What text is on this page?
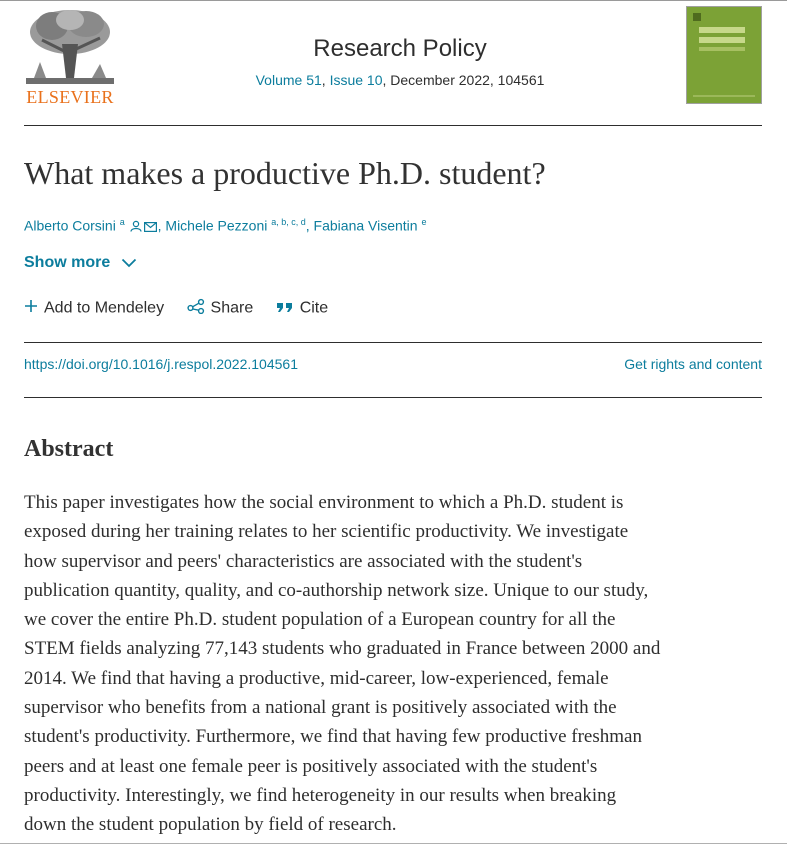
ELSEVIER
Research Policy
Volume 51, Issue 10, December 2022, 104561
What makes a productive Ph.D. student?
Alberto Corsini $^a$ , Michele Pezzoni $^{a, b, c, d}$, Fabiana Visentin $^e$
Show more
Add to Mendeley	Share	Cite
https://doi.org/10.1016/j.respol.2022.104561	Get rights and content
Abstract
This paper investigates how the social environment to which a Ph.D. student is
exposed during her training relates to her scientific productivity. We investigate
how supervisor and peers' characteristics are associated with the student's
publication quantity, quality, and co-authorship network size. Unique to our study,
we cover the entire Ph.D. student population of a European country for all the
STEM fields analyzing 77,143 students who graduated in France between 2000 and
2014. We find that having a productive, mid-career, low-experienced, female
supervisor who benefits from a national grant is positively associated with the
student's productivity. Furthermore, we find that having few productive freshman
peers and at least one female peer is positively associated with the student's
productivity. Interestingly, we find heterogeneity in our results when breaking
down the student population by field of research.
